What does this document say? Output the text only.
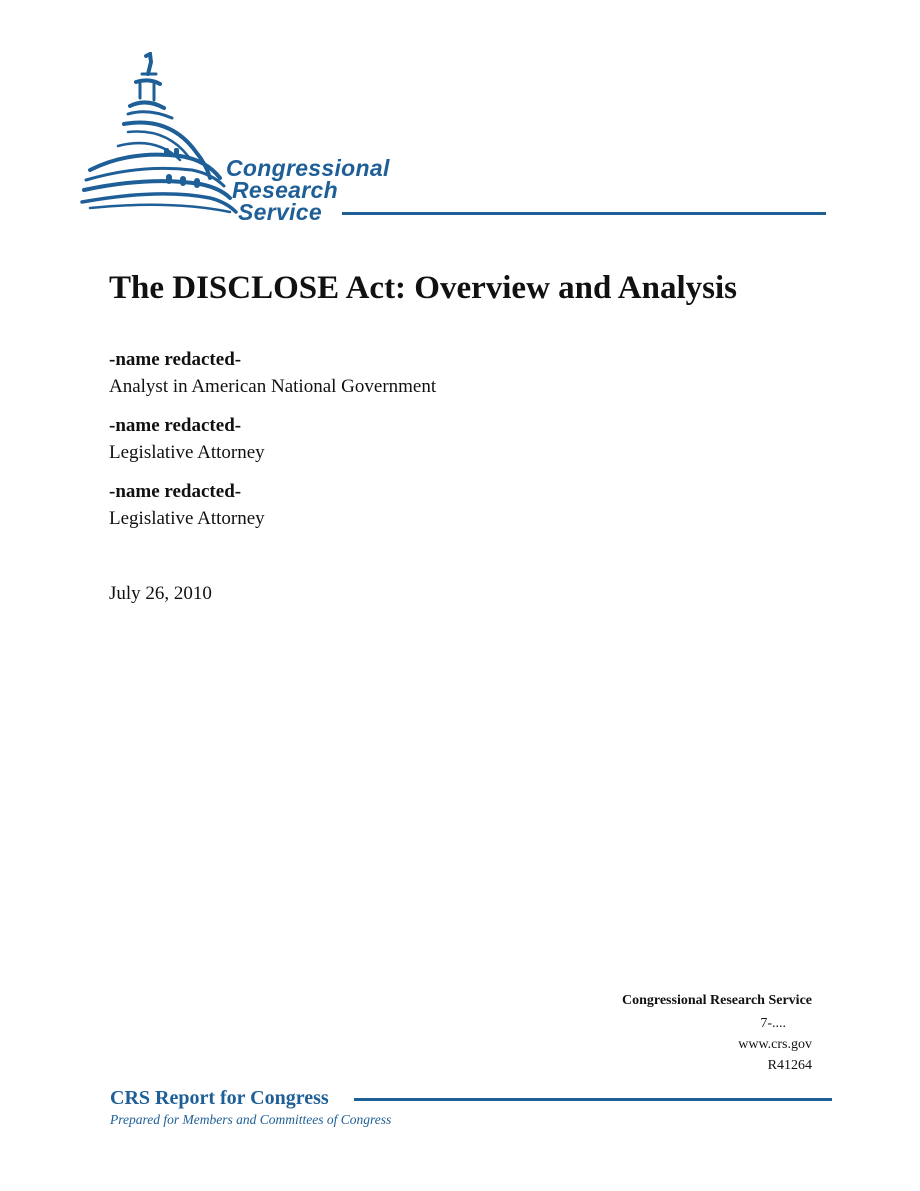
Congressional
Research
Service
The DISCLOSE Act: Overview and Analysis
-name redacted-
Analyst in American National Government
-name redacted-
Legislative Attorney
-name redacted-
Legislative Attorney
July 26, 2010
Congressional Research Service
7-....
www.crs.gov
R41264
CRS Report for Congress
Prepared for Members and Committees of Congress
